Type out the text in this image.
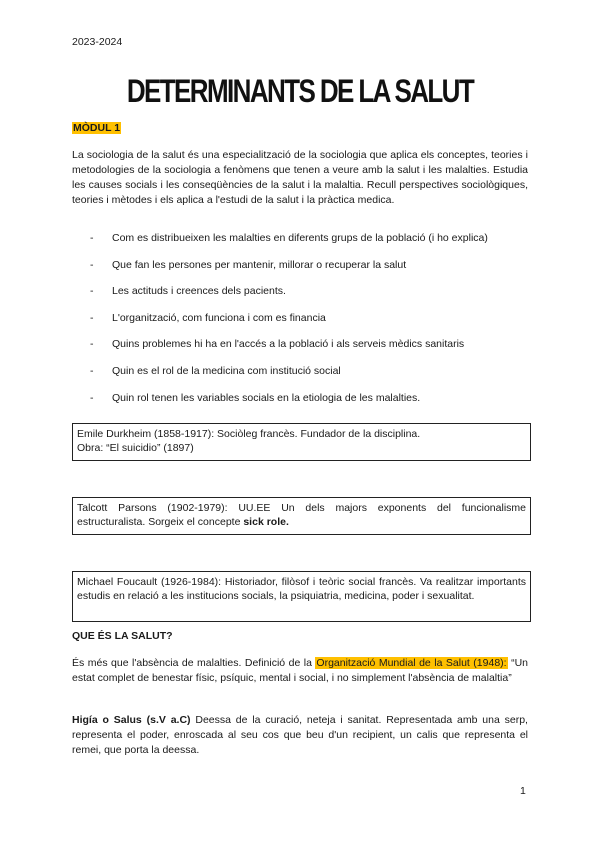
2023-2024
DETERMINANTS DE LA SALUT
MÒDUL 1

La sociologia de la salut és una especialització de la sociologia que aplica els conceptes, teories i metodologies de la sociologia a fenòmens que tenen a veure amb la salut i les malalties. Estudia les causes socials i les conseqüències de la salut i la malaltia. Recull perspectives sociològiques, teories i mètodes i els aplica a l'estudi de la salut i la pràctica medica.

- Com es distribueixen les malalties en diferents grups de la població (i ho explica)
- Que fan les persones per mantenir, millorar o recuperar la salut
- Les actituds i creences dels pacients.
- L'organització, com funciona i com es financia
- Quins problemes hi ha en l'accés a la població i als serveis mèdics sanitaris
- Quin es el rol de la medicina com institució social
- Quin rol tenen les variables socials en la etiologia de les malalties.

Emile Durkheim (1858-1917): Sociòleg francès. Fundador de la disciplina.

Obra: “El suicidio” (1897)

Talcott Parsons (1902-1979): UU.EE Un dels majors exponents del funcionalisme estructuralista. Sorgeix el concepte sick role.

Michael Foucault (1926-1984): Historiador, filòsof i teòric social francès. Va realitzar importants estudis en relació a les institucions socials, la psiquiatria, medicina, poder i sexualitat.

QUE ÉS LA SALUT?

És més que l'absència de malalties. Definició de la Organització Mundial de la Salut (1948): “Un estat complet de benestar físic, psíquic, mental i social, i no simplement l'absència de malaltia”

Higía o Salus (s.V a.C) Deessa de la curació, neteja i sanitat. Representada amb una serp, representa el poder, enroscada al seu cos que beu d'un recipient, un calis que representa el remei, que porta la deessa.

1
